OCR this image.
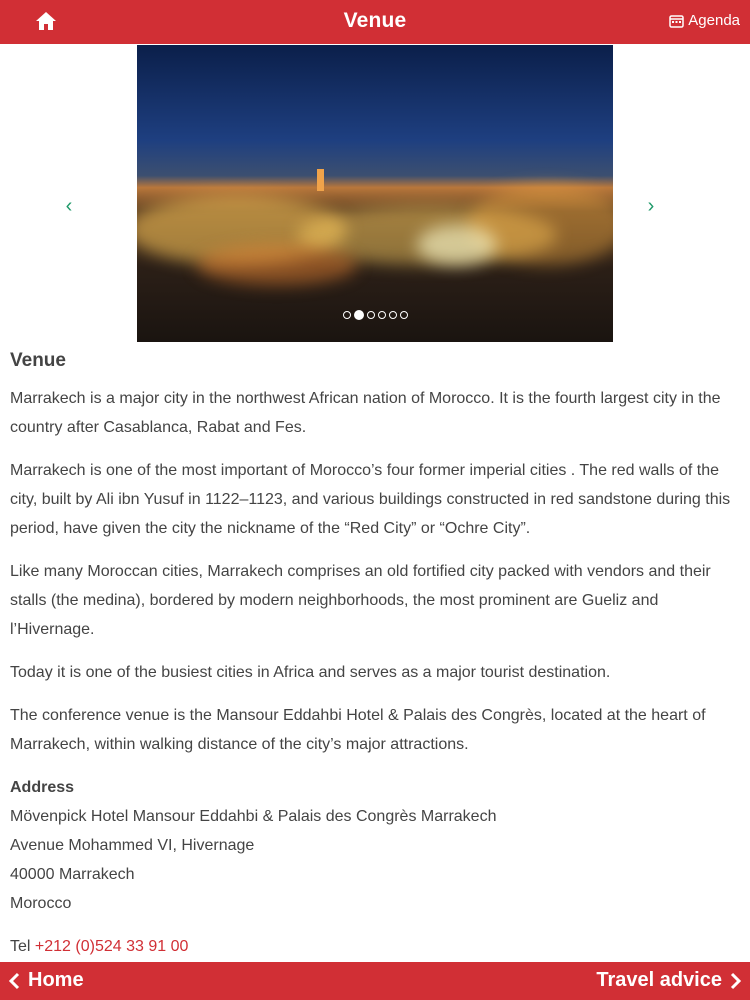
Venue	Agenda
‹	›
Venue

Marrakech is a major city in the northwest African nation of Morocco. It is the fourth largest city in the country after Casablanca, Rabat and Fes.

Marrakech is one of the most important of Morocco’s four former imperial cities . The red walls of the city, built by Ali ibn Yusuf in 1122–1123, and various buildings constructed in red sandstone during this period, have given the city the nickname of the “Red City” or “Ochre City”.

Like many Moroccan cities, Marrakech comprises an old fortified city packed with vendors and their stalls (the medina), bordered by modern neighborhoods, the most prominent are Gueliz and l’Hivernage.

Today it is one of the busiest cities in Africa and serves as a major tourist destination.

The conference venue is the Mansour Eddahbi Hotel & Palais des Congrès, located at the heart of Marrakech, within walking distance of the city’s major attractions.

Address
Mövenpick Hotel Mansour Eddahbi & Palais des Congrès Marrakech
Avenue Mohammed VI, Hivernage
40000 Marrakech
Morocco
Tel +212 (0)524 33 91 00
Home	Travel advice
